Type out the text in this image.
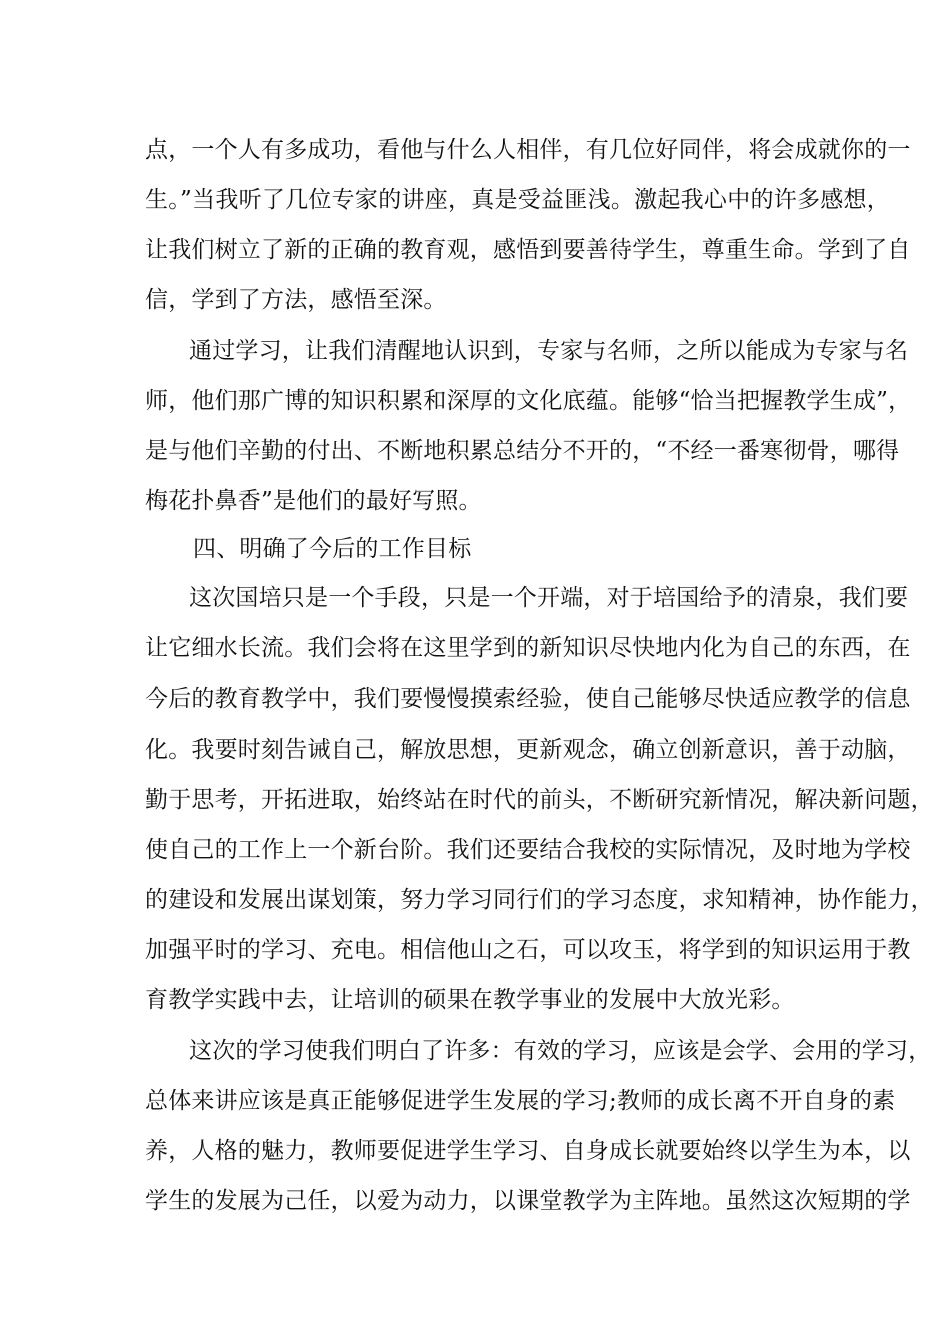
点，一个人有多成功，看他与什么人相伴，有几位好同伴，将会成就你的一

生。”当我听了几位专家的讲座，真是受益匪浅。激起我心中的许多感想，

让我们树立了新的正确的教育观，感悟到要善待学生，尊重生命。学到了自

信，学到了方法，感悟至深。

通过学习，让我们清醒地认识到，专家与名师，之所以能成为专家与名

师，他们那广博的知识积累和深厚的文化底蕴。能够“恰当把握教学生成”，

是与他们辛勤的付出、不断地积累总结分不开的，“不经一番寒彻骨，哪得

梅花扑鼻香”是他们的最好写照。

四、明确了今后的工作目标

这次国培只是一个手段，只是一个开端，对于培国给予的清泉，我们要

让它细水长流。我们会将在这里学到的新知识尽快地内化为自己的东西，在

今后的教育教学中，我们要慢慢摸索经验，使自己能够尽快适应教学的信息

化。我要时刻告诫自己，解放思想，更新观念，确立创新意识，善于动脑，

勤于思考，开拓进取，始终站在时代的前头，不断研究新情况，解决新问题，

使自己的工作上一个新台阶。我们还要结合我校的实际情况，及时地为学校

的建设和发展出谋划策，努力学习同行们的学习态度，求知精神，协作能力，

加强平时的学习、充电。相信他山之石，可以攻玉，将学到的知识运用于教

育教学实践中去，让培训的硕果在教学事业的发展中大放光彩。

这次的学习使我们明白了许多：有效的学习，应该是会学、会用的学习，

总体来讲应该是真正能够促进学生发展的学习;教师的成长离不开自身的素

养，人格的魅力，教师要促进学生学习、自身成长就要始终以学生为本，以

学生的发展为己任，以爱为动力，以课堂教学为主阵地。虽然这次短期的学
